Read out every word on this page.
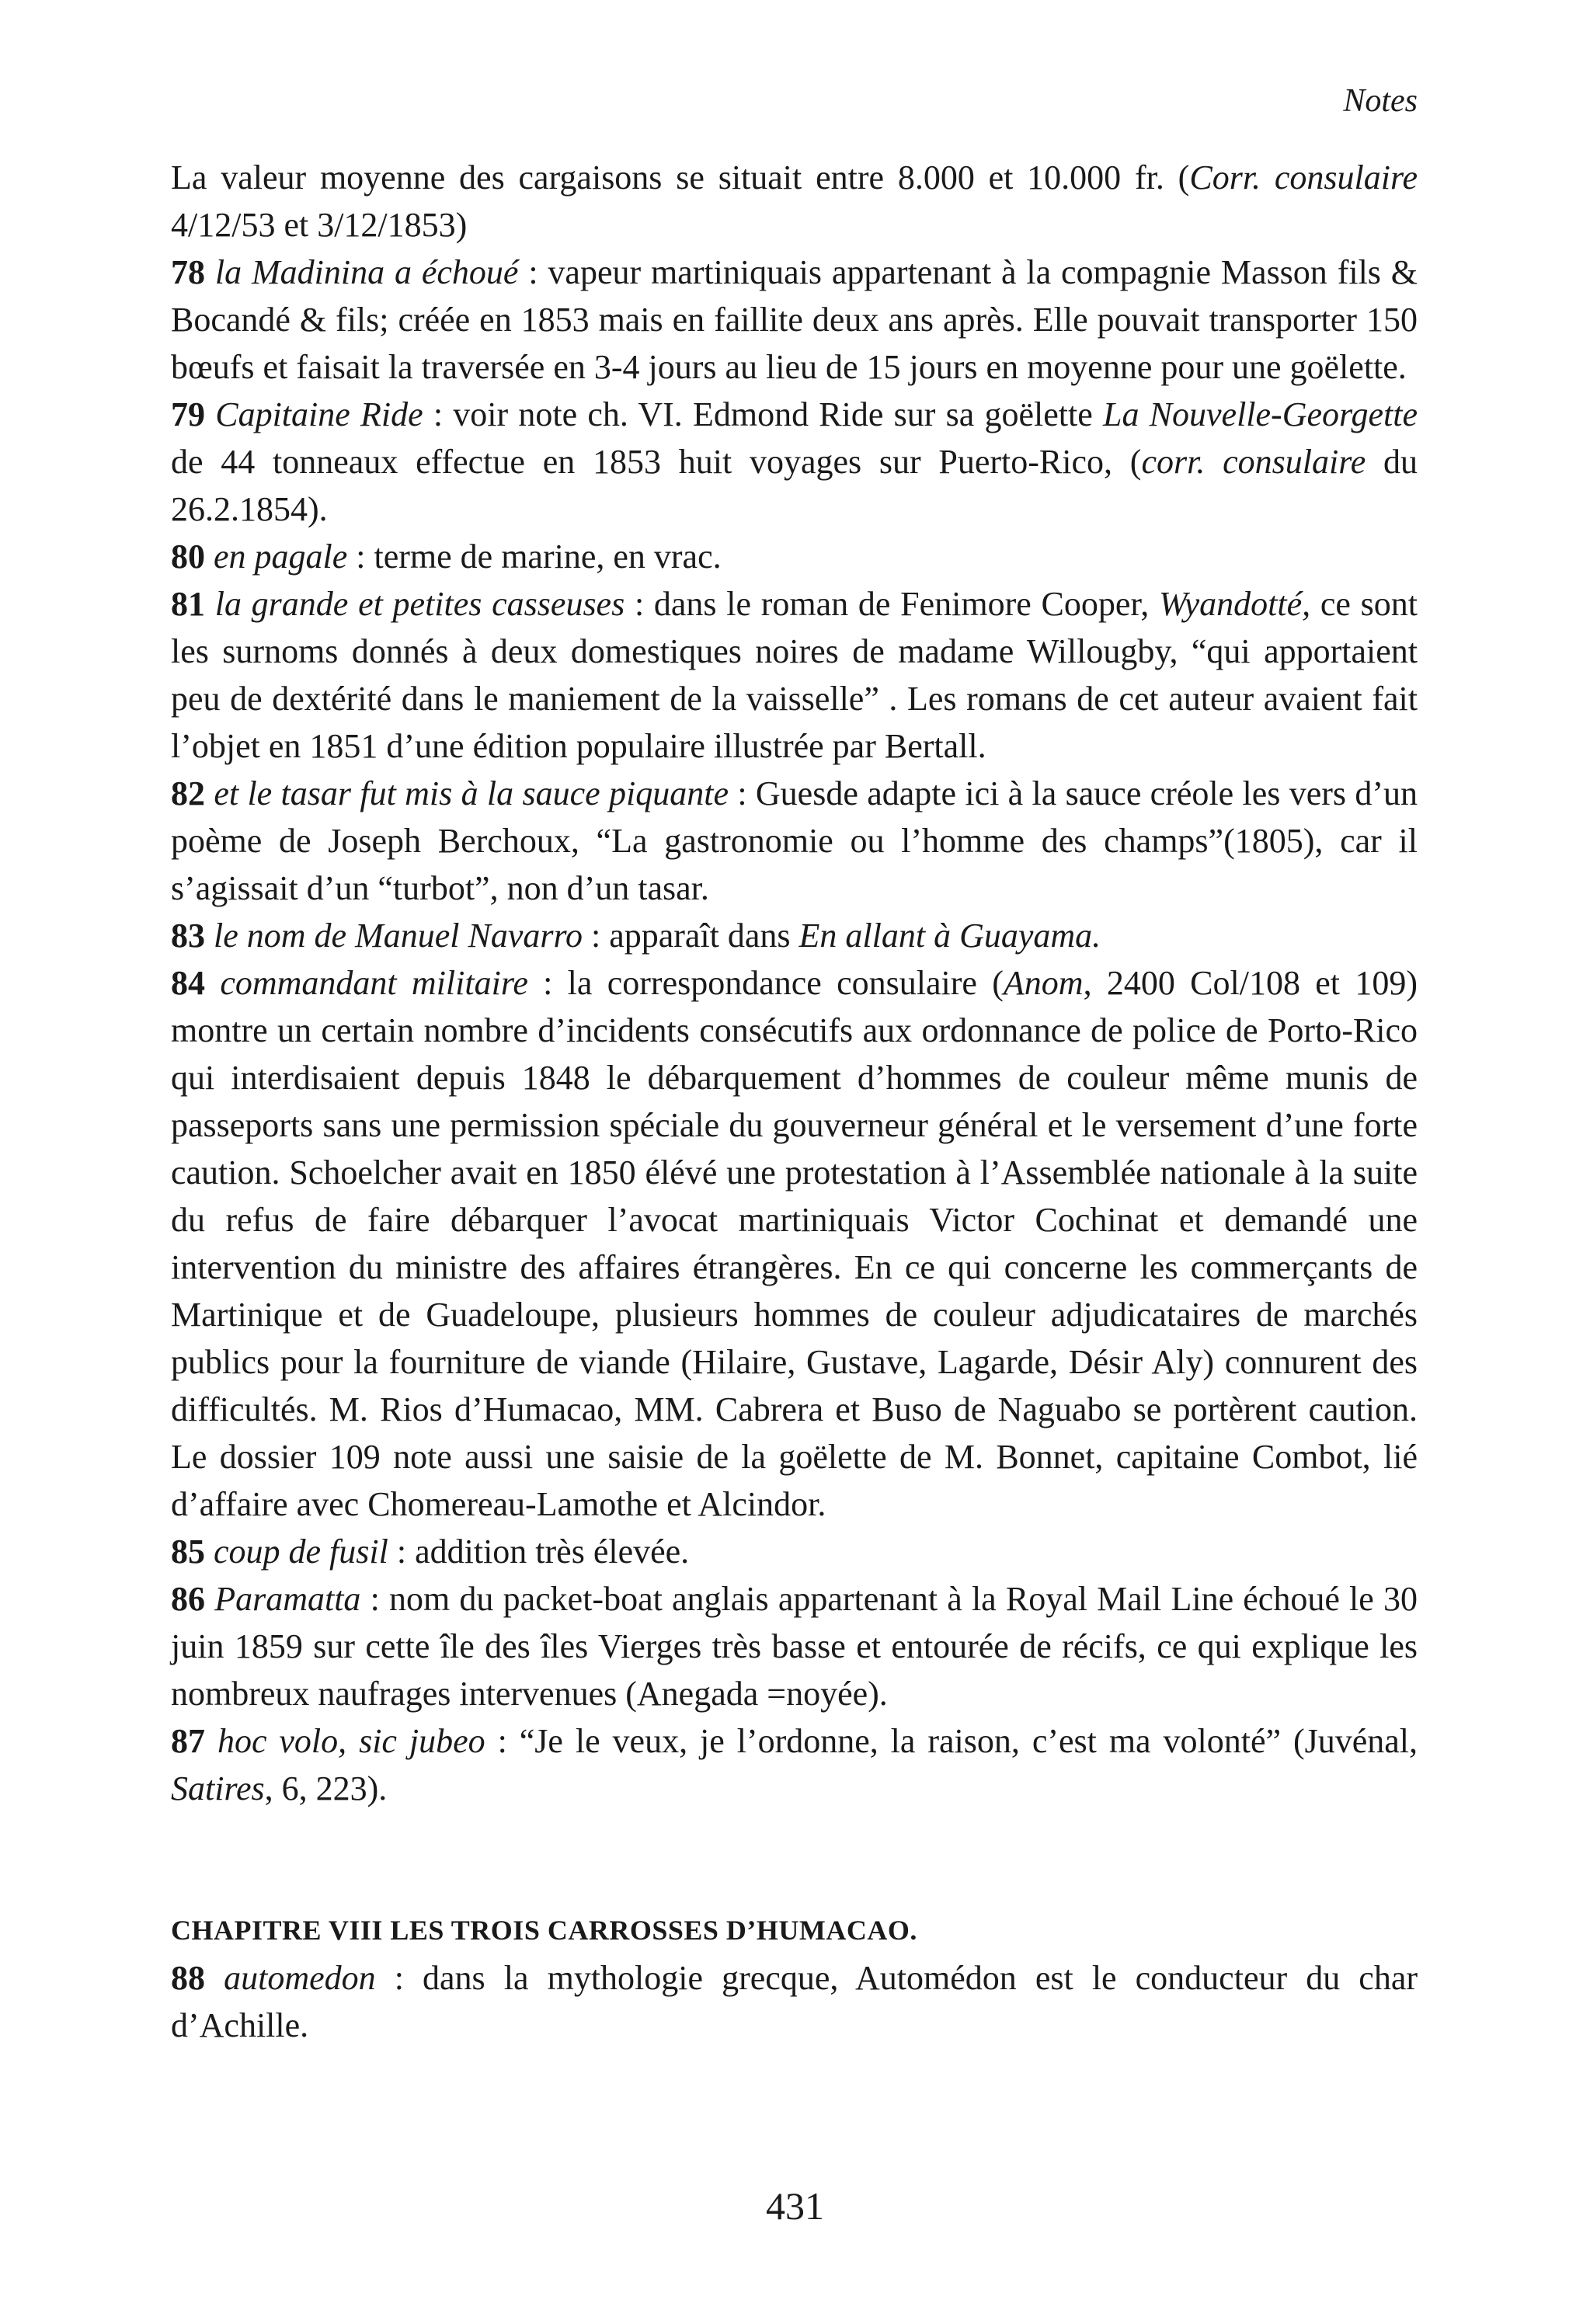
Notes

La valeur moyenne des cargaisons se situait entre 8.000 et 10.000 fr. (Corr. consulaire 4/12/53 et 3/12/1853)

78 la Madinina a échoué : vapeur martiniquais appartenant à la compagnie Masson fils & Bocandé & fils; créée en 1853 mais en faillite deux ans après. Elle pouvait transporter 150 bœufs et faisait la traversée en 3-4 jours au lieu de 15 jours en moyenne pour une goëlette.

79 Capitaine Ride : voir note ch. VI. Edmond Ride sur sa goëlette La Nouvelle-Georgette de 44 tonneaux effectue en 1853 huit voyages sur Puerto-Rico, (corr. consulaire du 26.2.1854).

80 en pagale : terme de marine, en vrac.

81 la grande et petites casseuses : dans le roman de Fenimore Cooper, Wyandotté, ce sont les surnoms donnés à deux domestiques noires de madame Willougby, “qui apportaient peu de dextérité dans le maniement de la vaisselle” . Les romans de cet auteur avaient fait l’objet en 1851 d’une édition populaire illustrée par Bertall.

82 et le tasar fut mis à la sauce piquante : Guesde adapte ici à la sauce créole les vers d’un poème de Joseph Berchoux, “La gastronomie ou l’homme des champs”(1805), car il s’agissait d’un “turbot”, non d’un tasar.

83 le nom de Manuel Navarro : apparaît dans En allant à Guayama.

84 commandant militaire : la correspondance consulaire (Anom, 2400 Col/108 et 109) montre un certain nombre d’incidents consécutifs aux ordonnance de police de Porto-Rico qui interdisaient depuis 1848 le débarquement d’hommes de couleur même munis de passeports sans une permission spéciale du gouverneur général et le versement d’une forte caution. Schoelcher avait en 1850 élévé une protestation à l’Assemblée nationale à la suite du refus de faire débarquer l’avocat martiniquais Victor Cochinat et demandé une intervention du ministre des affaires étrangères. En ce qui concerne les commerçants de Martinique et de Guadeloupe, plusieurs hommes de couleur adjudicataires de marchés publics pour la fourniture de viande (Hilaire, Gustave, Lagarde, Désir Aly) connurent des difficultés. M. Rios d’Humacao, MM. Cabrera et Buso de Naguabo se portèrent caution. Le dossier 109 note aussi une saisie de la goëlette de M. Bonnet, capitaine Combot, lié d’affaire avec Chomereau-Lamothe et Alcindor.

85 coup de fusil : addition très élevée.

86 Paramatta : nom du packet-boat anglais appartenant à la Royal Mail Line échoué le 30 juin 1859 sur cette île des îles Vierges très basse et entourée de récifs, ce qui explique les nombreux naufrages intervenues (Anegada =noyée).

87 hoc volo, sic jubeo : “Je le veux, je l’ordonne, la raison, c’est ma volonté” (Juvénal, Satires, 6, 223).

CHAPITRE VIII LES TROIS CARROSSES D’HUMACAO.

88 automedon : dans la mythologie grecque, Automédon est le conducteur du char d’Achille.

431
